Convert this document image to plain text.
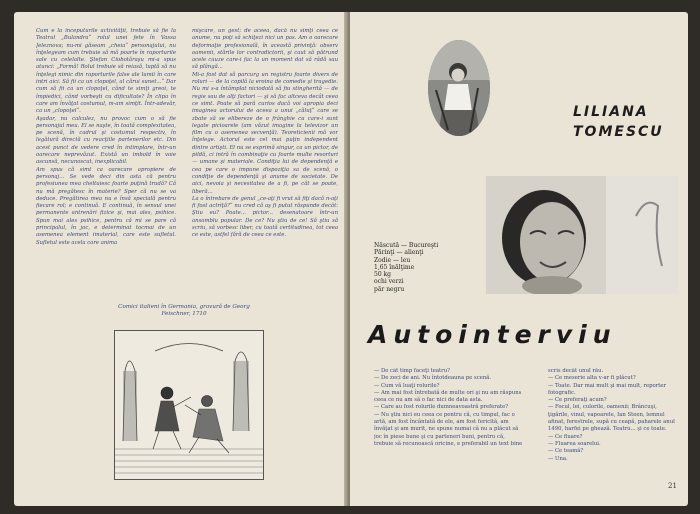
Cum e la începuturile activităţii, trebuie să fie la Teatrul „Bulandra“ rolul unei fete în Vassa Jeleznova; nu-mi găseam „cheia“ personajului, nu înţelegeam cum trebuie să mă poarte în raporturile sale cu celelalte. Ştefan Ciobotăraşu mi-a spus atunci: „Formă! Rolul trebuie să reiasă, luptă să nu înţelegi nimic din raporturile false ale lumii în care intri aici. Să fii ca un clopoţel, al cărui sunet...“ Dar cum să fii ca un clopoţel, când te simţi greoi, te împiedici, când vorbeşti cu dificultate? În clipa în care am învăţat costumul, m-am simţit. Într-adevăr, ca un „clopoţel“.
Aşadar, nu calculez, nu provoc cum o să fie personajul meu. El se naşte, în toată complexitatea, pe scenă, în cadrul şi costumul respectiv, în legătură directă cu reacţiile partenerilor etc. Din acest punct de vedere cred în intimplare, într-un oarecare neprevăzut. Există un imbold în voie ascunsă, necunoscut, inexplicabil.
Am spus că simt ca oarecare apropiere de personaj... Se vede deci din asta că pentru profesiunea mea cheltuiesc foarte puţină trudă? Că nu mă pregătesc în materie? Sper că nu se va deduce. Pregătirea mea nu e însă specială pentru fiecare rol; e continuă. E continuă, în sensul unei permanente antrenări fizice şi, mai ales, psihice. Spun mai ales psihice, pentru că mi se pare că principalul, în joc, e determinat tocmai de un asemenea element imaterial, care este sufletul. Sufletul este acela care anima
mişcare, un gest; de aceea, dacă nu simţi ceea ce anume, nu poţi să schiţezi nici un pas. Am o oarecare deformaţie profesională, în această privinţă: observ oamenii, stările lor contradictorii, şi caut să pătrund acele cauze care-i fac la un moment dat să râdă sau să plângă...
Mi-a fost dat să parcurg un registru foarte divers de roluri — de la copilă la eroina de comedie şi tragedie. Nu mi s-a întâmplat niciodată să fiu stingherită — de regie sau de alţi factori — şi să fac altceva decât ceea ce simt. Poate să pară curios dacă voi apropia deci imaginea actorului de aceea a unui „căluţ“ care se zbate să se elibereze de o frânghie cu care-i sunt legate picioarele (am văzut imagine la televizor un film cu o asemenea secvenţă). Teoreticienii mă vor înţelege. Actorul este cel mai puţin independent dintre artişti. El nu se exprimă singur, ca un pictor, de pildă, ci intră în combinaţie cu foarte multe resorturi — umane şi materiale. Condiţia lui de dependenţă e cea pe care o impune dispoziţia sa de scenă, o condiţie de dependenţă şi anume de societate. De aici, nevoia şi necesitatea de a fi, pe cât se poate, liberă...
La o întrebare de genul „ce-aţi fi vrut să fiţi dacă n-aţi fi fost actriţă?“ nu cred că aş fi putut răspunde decât: Ştiu eu? Poate... pictor... desenatoare într-un ansamblu popular. De ce? Nu ştiu de ce! Să ştiu să scriu, să vorbesc liber, cu toată certitudinea, tot ceea ce este, astfel fără de ceea ce este.
Comici italieni în Germania, gravură de Georg Feischner, 1710
LILIANA
TOMESCU
Născută — Bucureşti
Părinţi — alienţi
Zodie — leu
1,65 înălţime
50 kg
ochi verzi
păr negru
Autointerviu
— De cât timp faceţi teatru?
— De zeci de ani. Nu întotdeauna pe scenă.
— Cum vă luaţi rolurile?
— Am mai fost întrebată de multe ori şi nu am răspuns ceea ce nu am să o fac nici de data asta.
— Care au fost rolurile dumneavoastră preferate?
— Nu ştiu nici eu ceea ce pentru că, cu timpul, fac o artă, am fost încântată de ele, am fost fericită, am învăţat şi am murit, ne spune numai că nu a plăcut să joc în piese bune şi cu parteneri buni, pentru că, trebuie să recunoască oricine, e preferabil un text bine
scris decât unul rău.
— Ce meserie alta v-ar fi plăcut?
— Toate. Dar mai mult şi mai mult, reporter fotografic.
— Ce preferaţi acum?
— Focul, lei, culorile, oamenii; Brâncuşi, ţigările, vinul, vapoarele, Ian Steen, lemnul afinat, ferestrele, supă cu ceapă, paharele anul 1490, harfei pe ghează. Teatru... şi ce toate.
— Ce fluare?
— Fluarea soarelui.
— Ce teamă?
— Una.
21
